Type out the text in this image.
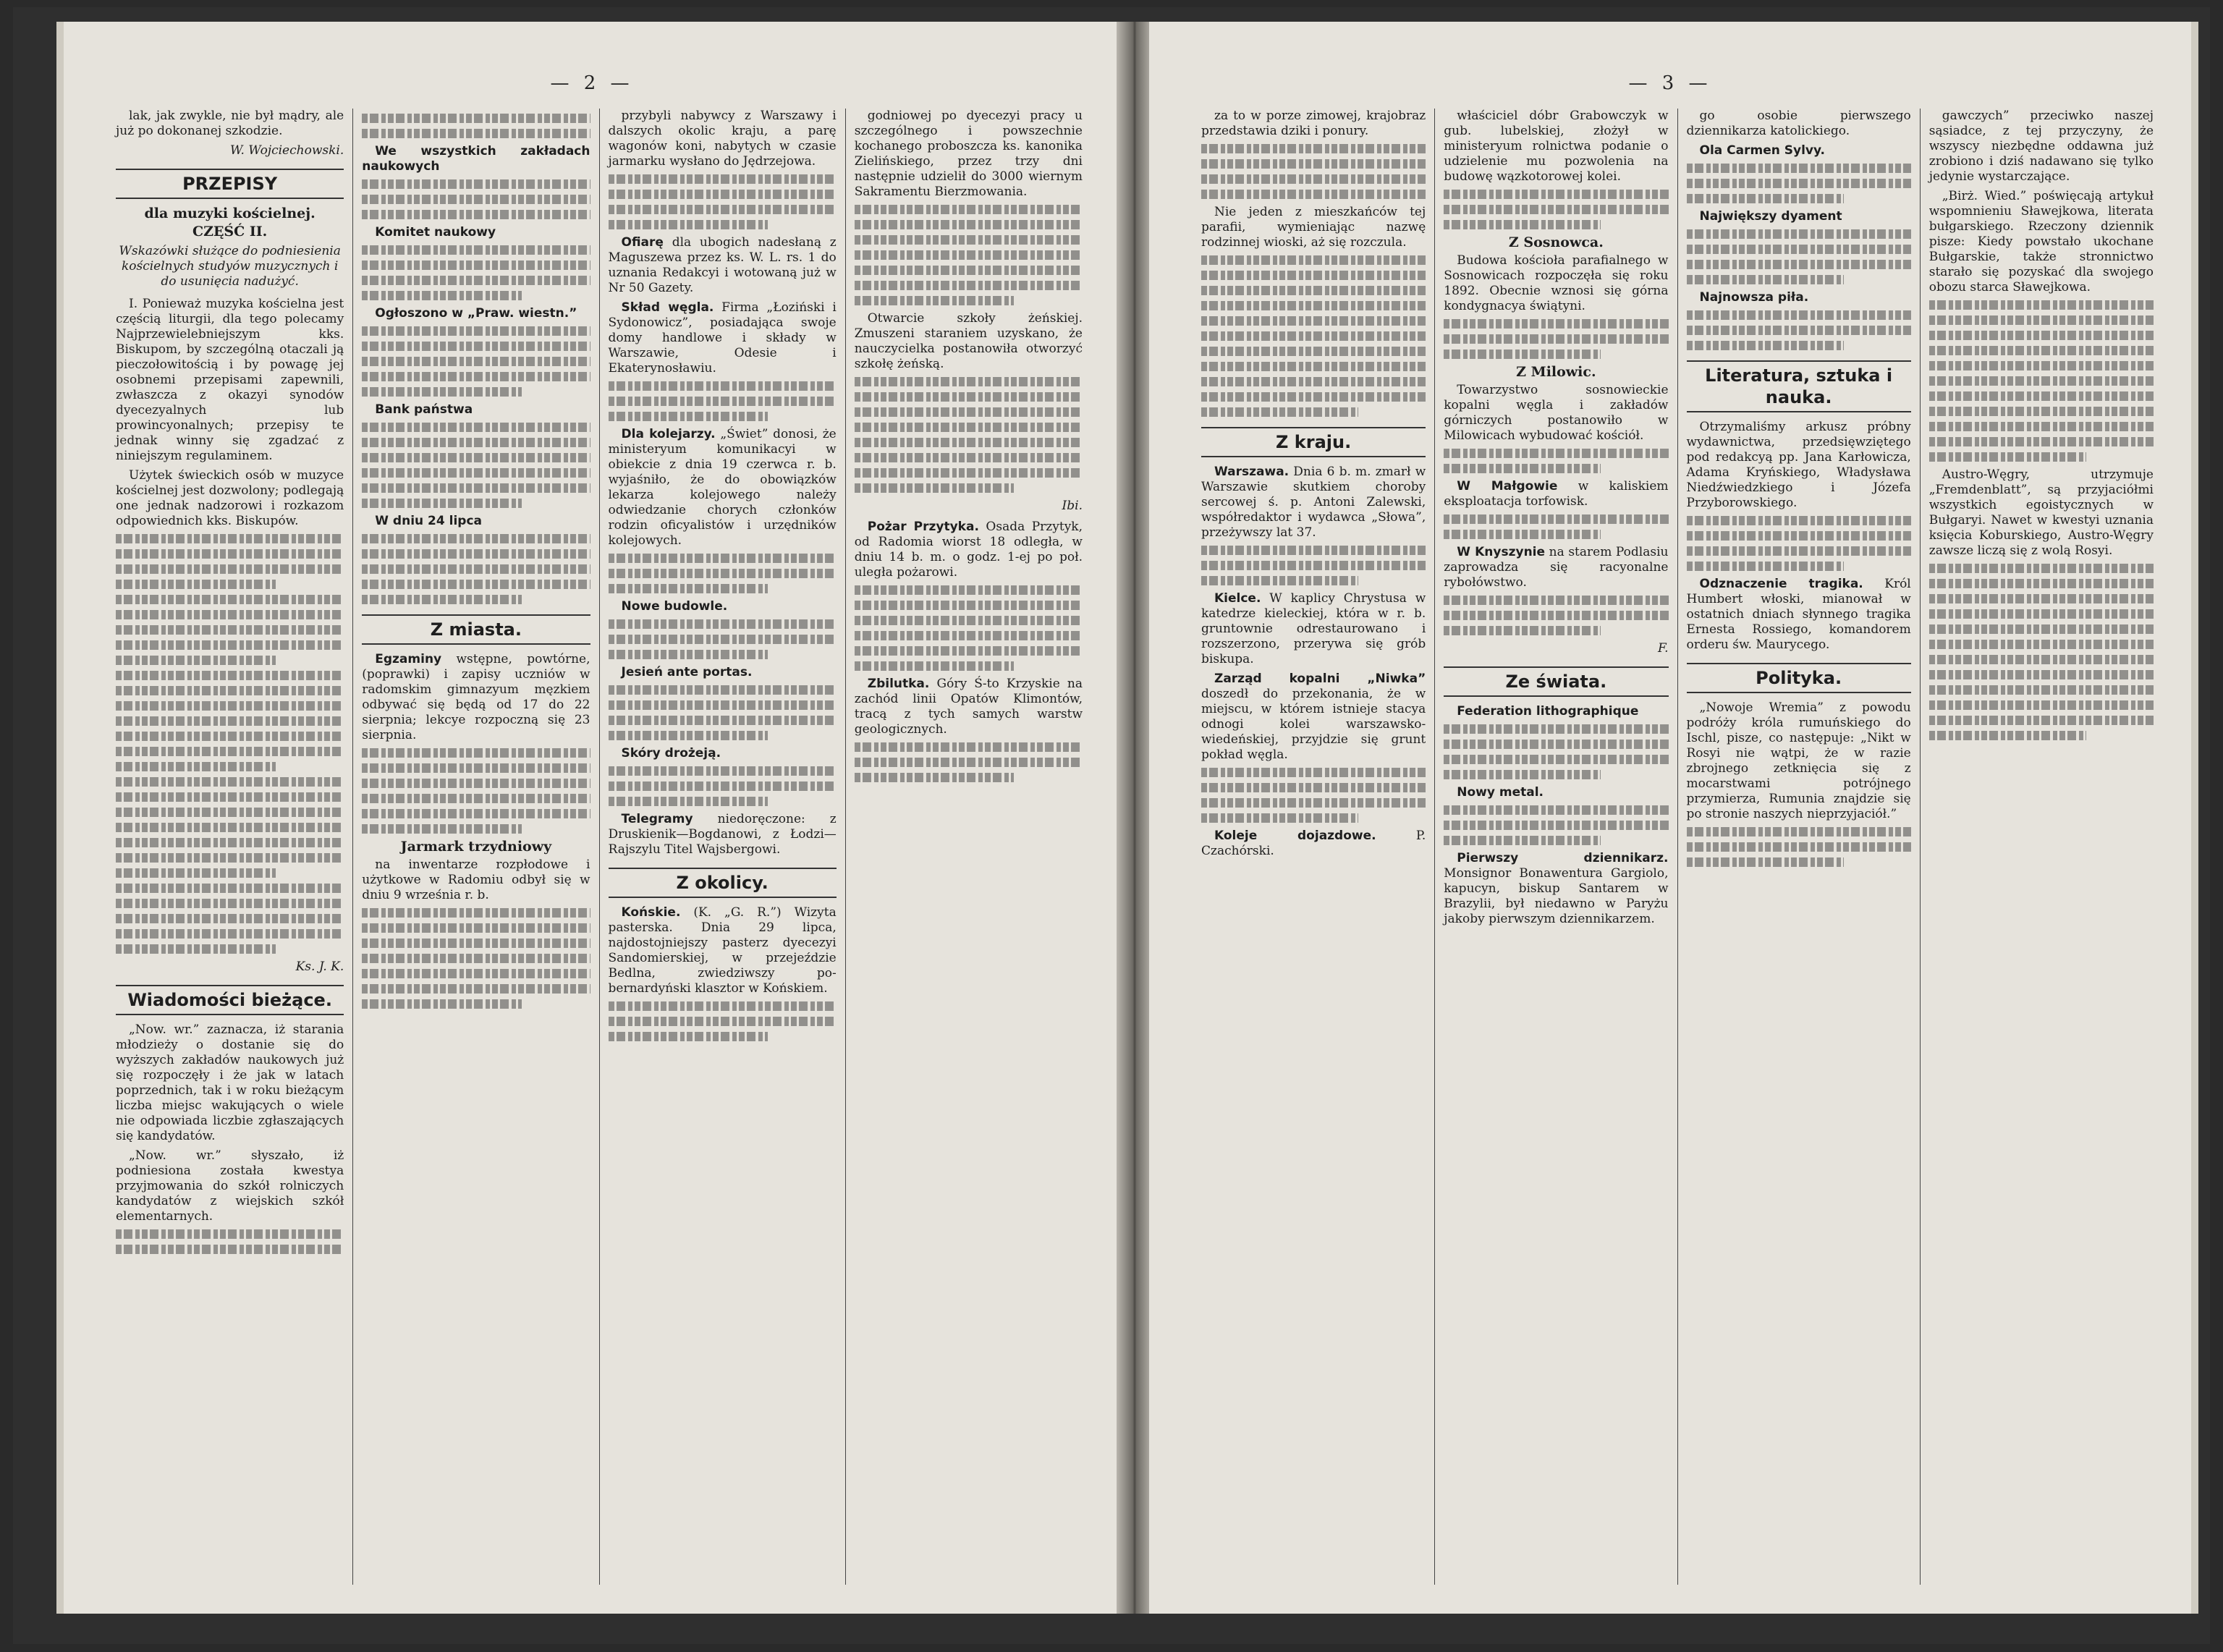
— 2 —

lak, jak zwykle, nie był mądry, ale już po dokonanej szkodzie.

W. Wojciechowski.
PRZEPISY
dla muzyki kościelnej.
CZĘŚĆ II.
Wskazówki służące do podniesienia kościelnych studyów muzycznych i do usunięcia nadużyć.

I. Ponieważ muzyka kościelna jest częścią liturgii, dla tego polecamy Najprzewielebniejszym kks. Biskupom, by szczególną otaczali ją pieczołowitością i by powagę jej osobnemi przepisami zapewnili, zwłaszcza z okazyi synodów dyecezyalnych lub prowincyonalnych; przepisy te jednak winny się zgadzać z niniejszym regulaminem.

Użytek świeckich osób w muzyce kościelnej jest dozwolony; podlegają one jednak nadzorowi i rozkazom odpowiednich kks. Biskupów.

Ks. J. K.
Wiadomości bieżące.

„Now. wr.” zaznacza, iż starania młodzieży o dostanie się do wyższych zakładów naukowych już się rozpoczęły i że jak w latach poprzednich, tak i w roku bieżącym liczba miejsc wakujących o wiele nie odpowiada liczbie zgłaszających się kandydatów.

„Now. wr.” słyszało, iż podniesiona została kwestya przyjmowania do szkół rolniczych kandydatów z wiejskich szkół elementarnych.

We wszystkich zakładach naukowych

Komitet naukowy

Ogłoszono w „Praw. wiestn.”

Bank państwa

W dniu 24 lipca

Z miasta.

Egzaminy wstępne, powtórne, (poprawki) i zapisy uczniów w radomskim gimnazyum męzkiem odbywać się będą od 17 do 22 sierpnia; lekcye rozpoczną się 23 sierpnia.

Jarmark trzydniowy

na inwentarze rozpłodowe i użytkowe w Radomiu odbył się w dniu 9 września r. b.

przybyli nabywcy z Warszawy i dalszych okolic kraju, a parę wagonów koni, nabytych w czasie jarmarku wysłano do Jędrzejowa.

Ofiarę dla ubogich nadesłaną z Maguszewa przez ks. W. L. rs. 1 do uznania Redakcyi i wotowaną już w Nr 50 Gazety.

Skład węgla. Firma „Łoziński i Sydonowicz”, posiadająca swoje domy handlowe i składy w Warszawie, Odesie i Ekaterynosławiu.

Dla kolejarzy. „Świet” donosi, że ministeryum komunikacyi w obiekcie z dnia 19 czerwca r. b. wyjaśniło, że do obowiązków lekarza kolejowego należy odwiedzanie chorych członków rodzin oficyalistów i urzędników kolejowych.

Nowe budowle.

Jesień ante portas.

Skóry drożeją.

Telegramy niedoręczone: z Druskienik—Bogdanowi, z Łodzi—Rajszylu Titel Wajsbergowi.

Z okolicy.

Końskie. (K. „G. R.”) Wizyta pasterska. Dnia 29 lipca, najdostojniejszy pasterz dyecezyi Sandomierskiej, w przejeździe Bedlna, zwiedziwszy po-bernardyński klasztor w Końskiem.

godniowej po dyecezyi pracy u szczególnego i powszechnie kochanego proboszcza ks. kanonika Zielińskiego, przez trzy dni następnie udzielił do 3000 wiernym Sakramentu Bierzmowania.

Otwarcie szkoły żeńskiej. Zmuszeni staraniem uzyskano, że nauczycielka postanowiła otworzyć szkołę żeńską.

Ibi.

Pożar Przytyka. Osada Przytyk, od Radomia wiorst 18 odległa, w dniu 14 b. m. o godz. 1-ej po poł. uległa pożarowi.

Zbilutka. Góry Ś-to Krzyskie na zachód linii Opatów Klimontów, tracą z tych samych warstw geologicznych.

— 3 —

za to w porze zimowej, krajobraz przedstawia dziki i ponury.

Nie jeden z mieszkańców tej parafii, wymieniając nazwę rodzinnej wioski, aż się rozczula.

Z kraju.

Warszawa. Dnia 6 b. m. zmarł w Warszawie skutkiem choroby sercowej ś. p. Antoni Zalewski, współredaktor i wydawca „Słowa”, przeżywszy lat 37.

Kielce. W kaplicy Chrystusa w katedrze kieleckiej, która w r. b. gruntownie odrestaurowano i rozszerzono, przerywa się grób biskupa.

Zarząd kopalni „Niwka” doszedł do przekonania, że w miejscu, w którem istnieje stacya odnogi kolei warszawsko-wiedeńskiej, przyjdzie się grunt pokład węgla.

Koleje dojazdowe.	P. Czachórski.

właściciel dóbr Grabowczyk w gub. lubelskiej, złożył w ministeryum rolnictwa podanie o udzielenie mu pozwolenia na budowę wązkotorowej kolei.

Z Sosnowca.

Budowa kościoła parafialnego w Sosnowicach rozpoczęła się roku 1892. Obecnie wznosi się górna kondygnacya świątyni.

Z Milowic.

Towarzystwo sosnowieckie kopalni węgla i zakładów górniczych postanowiło w Milowicach wybudować kościół.

W Małgowie w kaliskiem eksploatacja torfowisk.

W Knyszynie na starem Podlasiu zaprowadza się racyonalne rybołówstwo.

F.
Ze świata.

Federation lithographique

Nowy metal.

Pierwszy dziennikarz. Monsignor Bonawentura Gargiolo, kapucyn, biskup Santarem w Brazylii, był niedawno w Paryżu jakoby pierwszym dziennikarzem.

go osobie pierwszego dziennikarza katolickiego.

Ola Carmen Sylvy.

Największy dyament

Najnowsza piła.

Literatura, sztuka i nauka.

Otrzymaliśmy arkusz próbny wydawnictwa, przedsięwziętego pod redakcyą pp. Jana Karłowicza, Adama Kryńskiego, Władysława Niedźwiedzkiego i Józefa Przyborowskiego.

Odznaczenie tragika. Król Humbert włoski, mianował w ostatnich dniach słynnego tragika Ernesta Rossiego, komandorem orderu św. Maurycego.

Polityka.

„Nowoje Wremia” z powodu podróży króla rumuńskiego do Ischl, pisze, co następuje: „Nikt w Rosyi nie wątpi, że w razie zbrojnego zetknięcia się z mocarstwami potrójnego przymierza, Rumunia znajdzie się po stronie naszych nieprzyjaciół.”

gawczych” przeciwko naszej sąsiadce, z tej przyczyny, że wszyscy niezbędne oddawna już zrobiono i dziś nadawano się tylko jedynie wystarczające.

„Birż. Wied.” poświęcają artykuł wspomnieniu Sławejkowa, literata bułgarskiego. Rzeczony dziennik pisze: Kiedy powstało ukochane Bułgarskie, także stronnictwo starało się pozyskać dla swojego obozu starca Sławejkowa.

Austro-Węgry, utrzymuje „Fremdenblatt”, są przyjaciółmi wszystkich egoistycznych w Bułgaryi. Nawet w kwestyi uznania księcia Koburskiego, Austro-Węgry zawsze liczą się z wolą Rosyi.
